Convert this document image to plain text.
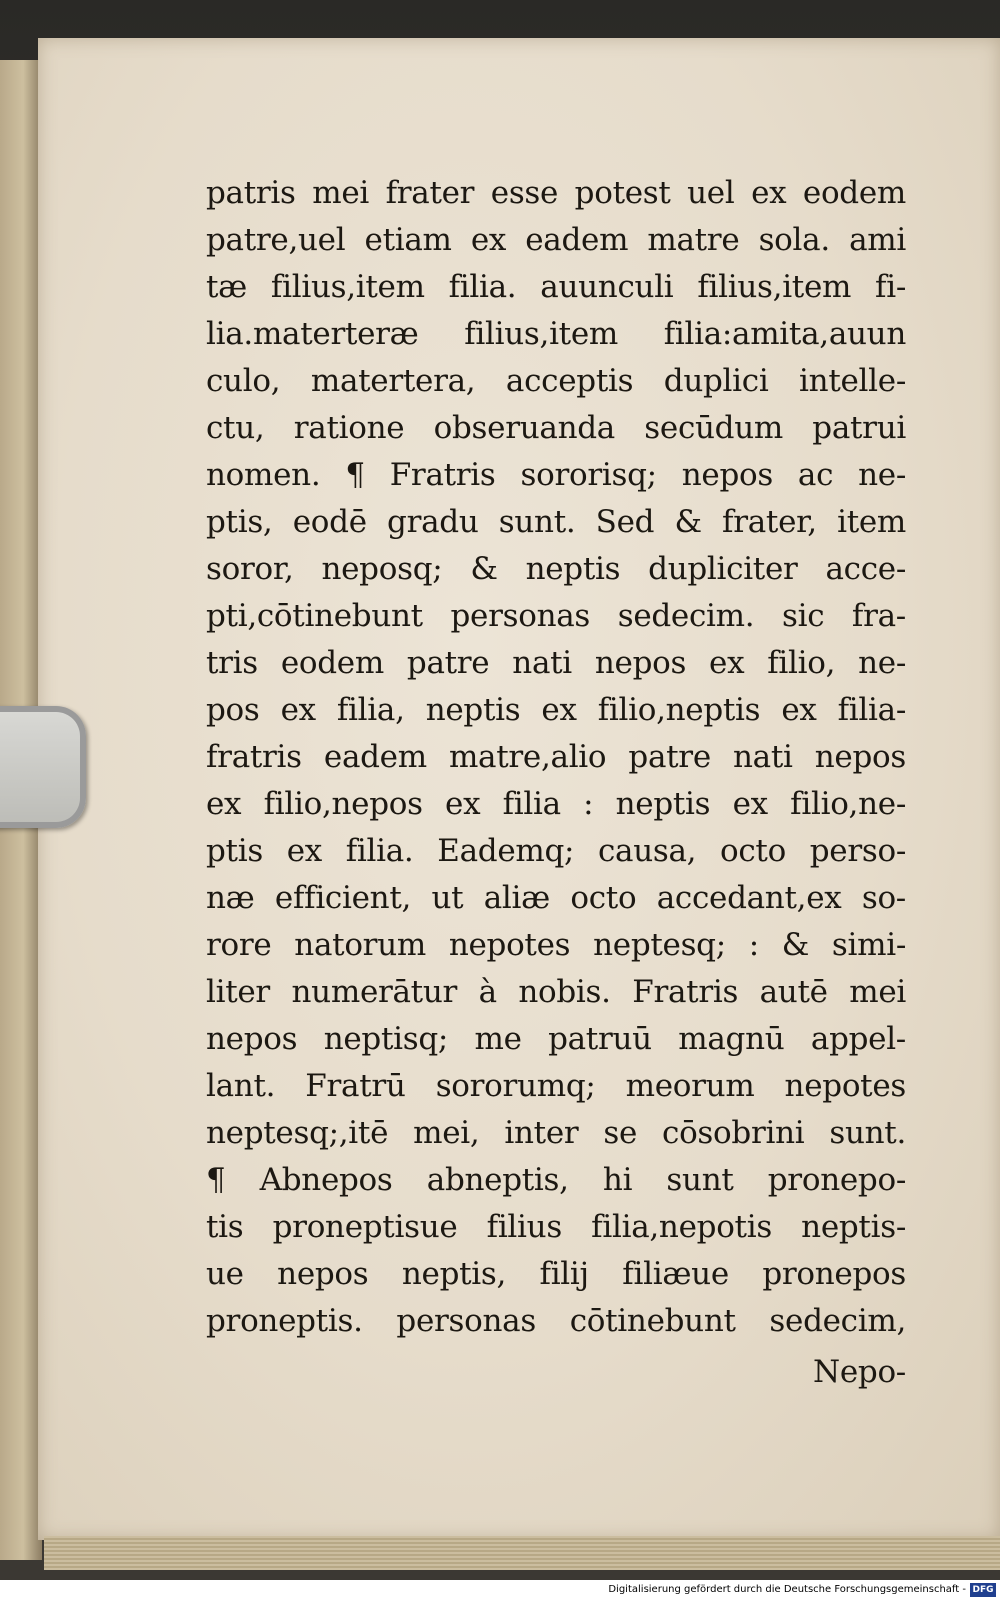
patris mei frater esse potest uel ex eodem
patre,uel etiam ex eadem matre sola. ami
tæ filius,item filia. auunculi filius,item fi-
lia.materteræ filius,item filia:amita,auun
culo, matertera, acceptis duplici intelle-
ctu, ratione obseruanda secūdum patrui
nomen. ¶ Fratris sororisq; nepos ac ne-
ptis, eodē gradu sunt. Sed & frater, item
soror, neposq; & neptis dupliciter acce-
pti,cōtinebunt personas sedecim. sic fra-
tris eodem patre nati nepos ex filio, ne-
pos ex filia, neptis ex filio,neptis ex filia-
fratris eadem matre,alio patre nati nepos
ex filio,nepos ex filia : neptis ex filio,ne-
ptis ex filia. Eademq; causa, octo perso-
næ efficient, ut aliæ octo accedant,ex so-
rore natorum nepotes neptesq; : & simi-
liter numerātur à nobis. Fratris autē mei
nepos neptisq; me patruū magnū appel-
lant. Fratrū sororumq; meorum nepotes
neptesq;,itē mei, inter se cōsobrini sunt.
¶ Abnepos abneptis, hi sunt pronepo-
tis proneptisue filius filia,nepotis neptis-
ue nepos neptis, filij filiæue pronepos
proneptis. personas cōtinebunt sedecim,
Nepo-
Digitalisierung gefördert durch die Deutsche Forschungsgemeinschaft - DFG
